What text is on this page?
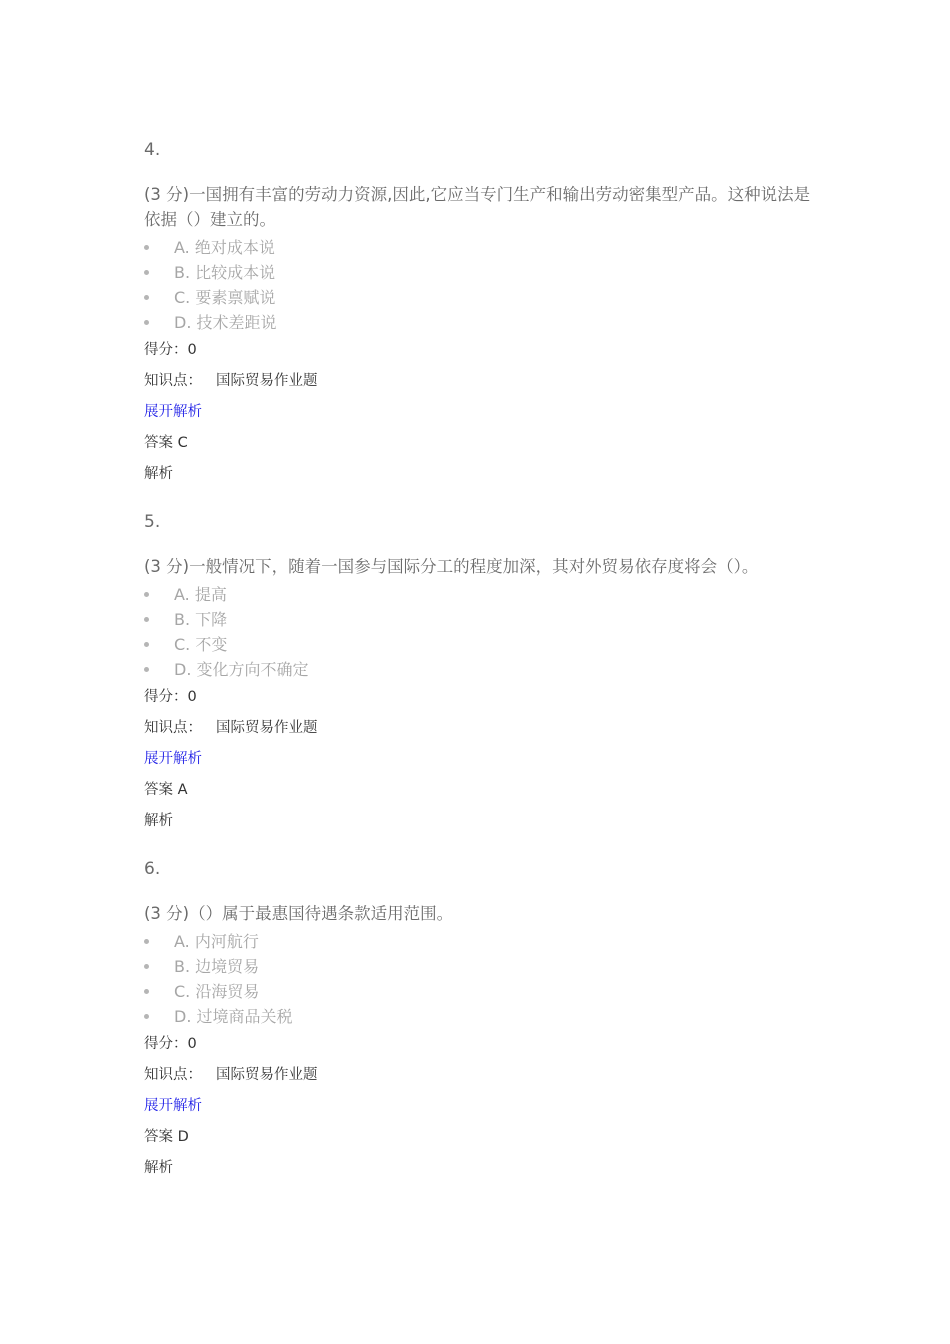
4.
(3 分)一国拥有丰富的劳动力资源,因此,它应当专门生产和输出劳动密集型产品。这种说法是依据（）建立的。
A. 绝对成本说
B. 比较成本说
C. 要素禀赋说
D. 技术差距说
得分：0
知识点： 国际贸易作业题
展开解析
答案 C
解析
5.
(3 分)一般情况下，随着一国参与国际分工的程度加深，其对外贸易依存度将会（）。
A. 提高
B. 下降
C. 不变
D. 变化方向不确定
得分：0
知识点： 国际贸易作业题
展开解析
答案 A
解析
6.
(3 分)（）属于最惠国待遇条款适用范围。
A. 内河航行
B. 边境贸易
C. 沿海贸易
D. 过境商品关税
得分：0
知识点： 国际贸易作业题
展开解析
答案 D
解析
